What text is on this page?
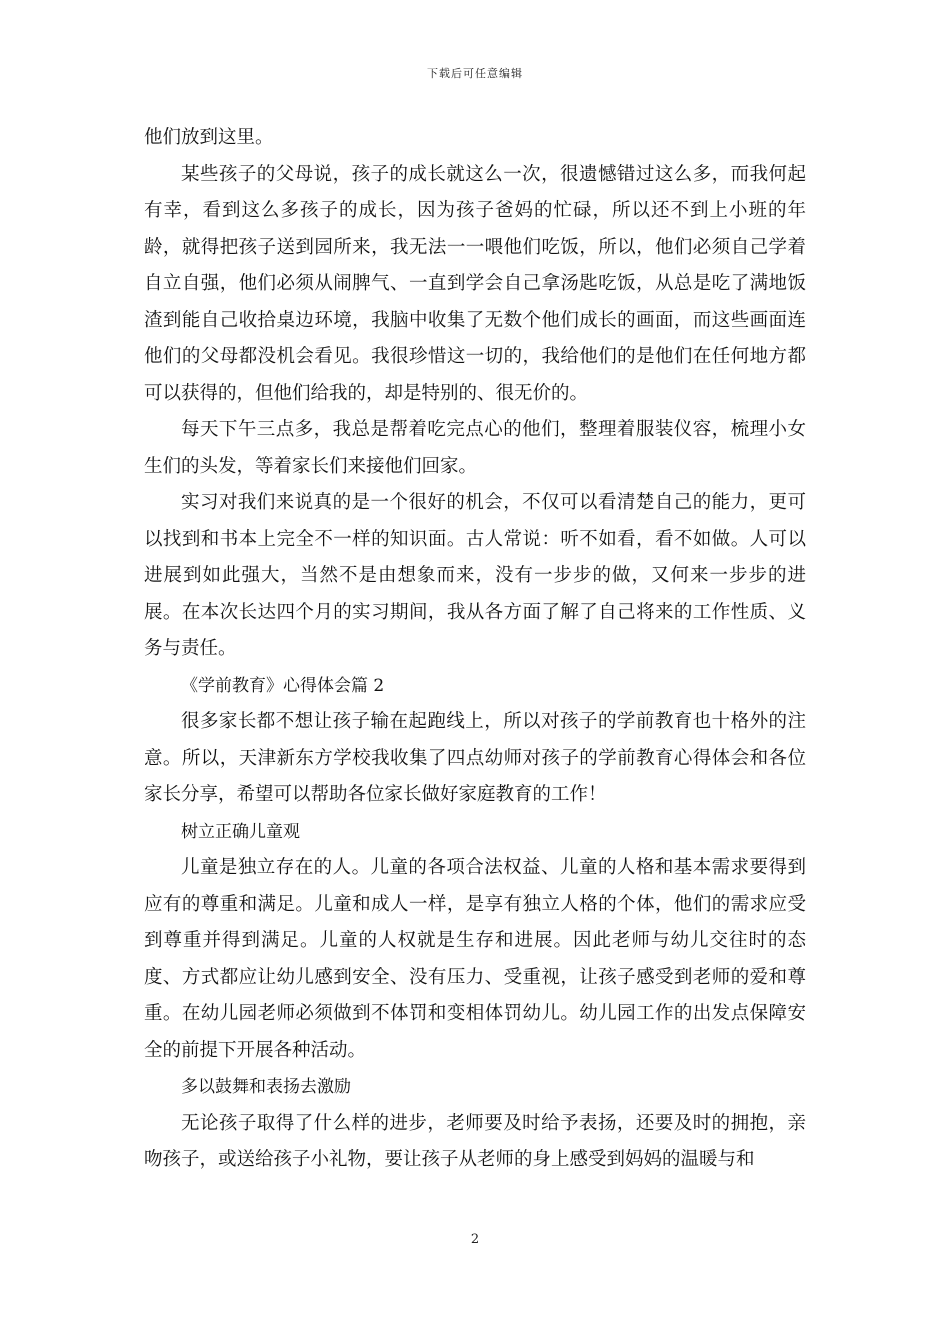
下载后可任意编辑

他们放到这里。

某些孩子的父母说，孩子的成长就这么一次，很遗憾错过这么多，而我何起有幸，看到这么多孩子的成长，因为孩子爸妈的忙碌，所以还不到上小班的年龄，就得把孩子送到园所来，我无法一一喂他们吃饭，所以，他们必须自己学着自立自强，他们必须从闹脾气、一直到学会自己拿汤匙吃饭，从总是吃了满地饭渣到能自己收拾桌边环境，我脑中收集了无数个他们成长的画面，而这些画面连他们的父母都没机会看见。我很珍惜这一切的，我给他们的是他们在任何地方都可以获得的，但他们给我的，却是特别的、很无价的。

每天下午三点多，我总是帮着吃完点心的他们，整理着服装仪容，梳理小女生们的头发，等着家长们来接他们回家。

实习对我们来说真的是一个很好的机会，不仅可以看清楚自己的能力，更可以找到和书本上完全不一样的知识面。古人常说：听不如看，看不如做。人可以进展到如此强大，当然不是由想象而来，没有一步步的做，又何来一步步的进展。在本次长达四个月的实习期间，我从各方面了解了自己将来的工作性质、义务与责任。

《学前教育》心得体会篇 2

很多家长都不想让孩子输在起跑线上，所以对孩子的学前教育也十格外的注意。所以，天津新东方学校我收集了四点幼师对孩子的学前教育心得体会和各位家长分享，希望可以帮助各位家长做好家庭教育的工作！

树立正确儿童观

儿童是独立存在的人。儿童的各项合法权益、儿童的人格和基本需求要得到应有的尊重和满足。儿童和成人一样，是享有独立人格的个体，他们的需求应受到尊重并得到满足。儿童的人权就是生存和进展。因此老师与幼儿交往时的态度、方式都应让幼儿感到安全、没有压力、受重视，让孩子感受到老师的爱和尊重。在幼儿园老师必须做到不体罚和变相体罚幼儿。幼儿园工作的出发点保障安全的前提下开展各种活动。

多以鼓舞和表扬去激励

无论孩子取得了什么样的进步，老师要及时给予表扬，还要及时的拥抱，亲吻孩子，或送给孩子小礼物，要让孩子从老师的身上感受到妈妈的温暖与和

2
